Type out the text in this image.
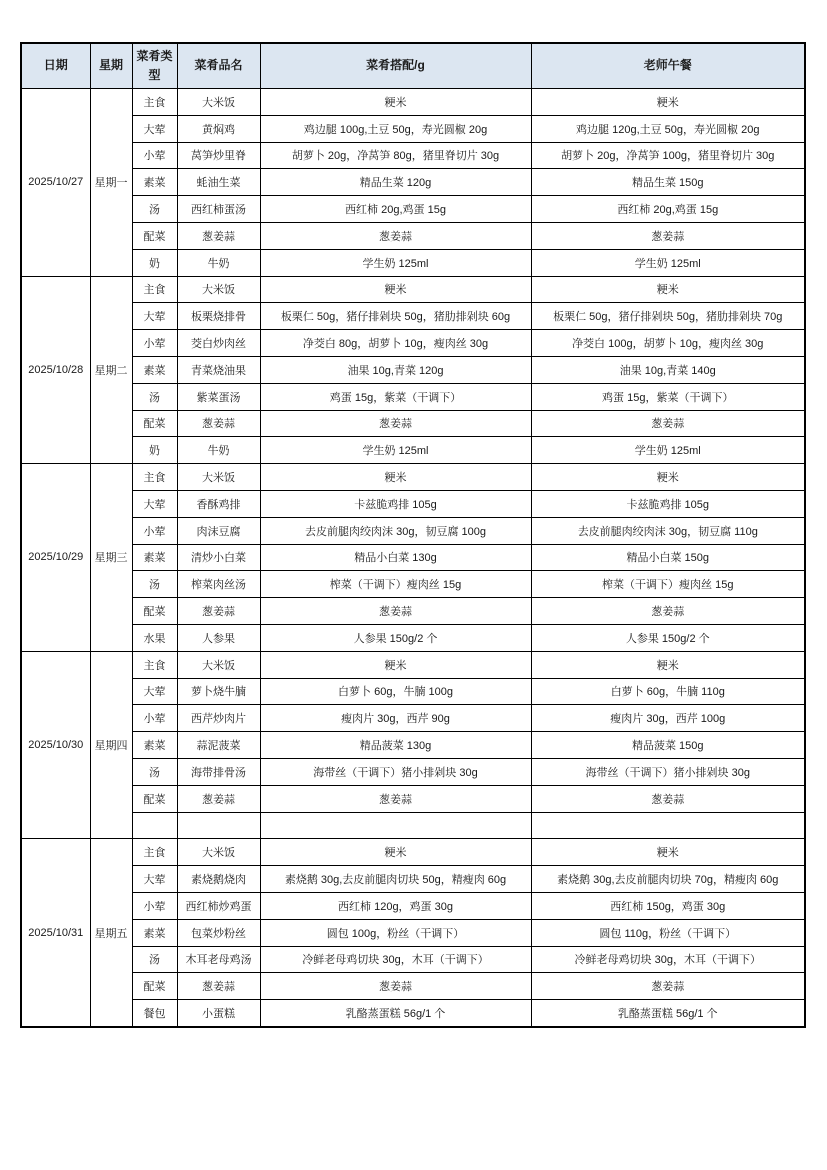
日期	星期	菜肴类型	菜肴品名	菜肴搭配/g	老师午餐
2025/10/27	星期一	主食	大米饭	粳米	粳米
		大荤	黄焖鸡	鸡边腿 100g,土豆 50g，寿光圆椒 20g	鸡边腿 120g,土豆 50g，寿光圆椒 20g
		小荤	莴笋炒里脊	胡萝卜 20g，净莴笋 80g，猪里脊切片 30g	胡萝卜 20g，净莴笋 100g，猪里脊切片 30g
		素菜	蚝油生菜	精品生菜 120g	精品生菜 150g
		汤	西红柿蛋汤	西红柿 20g,鸡蛋 15g	西红柿 20g,鸡蛋 15g
		配菜	葱姜蒜	葱姜蒜	葱姜蒜
		奶	牛奶	学生奶 125ml	学生奶 125ml
2025/10/28	星期二	主食	大米饭	粳米	粳米
		大荤	板栗烧排骨	板栗仁 50g，猪仔排剁块 50g，猪肋排剁块 60g	板栗仁 50g，猪仔排剁块 50g，猪肋排剁块 70g
		小荤	茭白炒肉丝	净茭白 80g，胡萝卜 10g，瘦肉丝 30g	净茭白 100g，胡萝卜 10g，瘦肉丝 30g
		素菜	青菜烧油果	油果 10g,青菜 120g	油果 10g,青菜 140g
		汤	紫菜蛋汤	鸡蛋 15g，紫菜（干调下）	鸡蛋 15g，紫菜（干调下）
		配菜	葱姜蒜	葱姜蒜	葱姜蒜
		奶	牛奶	学生奶 125ml	学生奶 125ml
2025/10/29	星期三	主食	大米饭	粳米	粳米
		大荤	香酥鸡排	卡兹脆鸡排 105g	卡兹脆鸡排 105g
		小荤	肉沫豆腐	去皮前腿肉绞肉沫 30g，韧豆腐 100g	去皮前腿肉绞肉沫 30g，韧豆腐 110g
		素菜	清炒小白菜	精品小白菜 130g	精品小白菜 150g
		汤	榨菜肉丝汤	榨菜（干调下）瘦肉丝 15g	榨菜（干调下）瘦肉丝 15g
		配菜	葱姜蒜	葱姜蒜	葱姜蒜
		水果	人参果	人参果 150g/2 个	人参果 150g/2 个
2025/10/30	星期四	主食	大米饭	粳米	粳米
		大荤	萝卜烧牛腩	白萝卜 60g，牛腩 100g	白萝卜 60g，牛腩 110g
		小荤	西芹炒肉片	瘦肉片 30g，西芹 90g	瘦肉片 30g，西芹 100g
		素菜	蒜泥菠菜	精品菠菜 130g	精品菠菜 150g
		汤	海带排骨汤	海带丝（干调下）猪小排剁块 30g	海带丝（干调下）猪小排剁块 30g
		配菜	葱姜蒜	葱姜蒜	葱姜蒜

2025/10/31	星期五	主食	大米饭	粳米	粳米
		大荤	素烧鹅烧肉	素烧鹅 30g,去皮前腿肉切块 50g，精瘦肉 60g	素烧鹅 30g,去皮前腿肉切块 70g，精瘦肉 60g
		小荤	西红柿炒鸡蛋	西红柿 120g，鸡蛋 30g	西红柿 150g，鸡蛋 30g
		素菜	包菜炒粉丝	圆包 100g，粉丝（干调下）	圆包 110g，粉丝（干调下）
		汤	木耳老母鸡汤	冷鲜老母鸡切块 30g，木耳（干调下）	冷鲜老母鸡切块 30g，木耳（干调下）
		配菜	葱姜蒜	葱姜蒜	葱姜蒜
		餐包	小蛋糕	乳酪蒸蛋糕 56g/1 个	乳酪蒸蛋糕 56g/1 个
